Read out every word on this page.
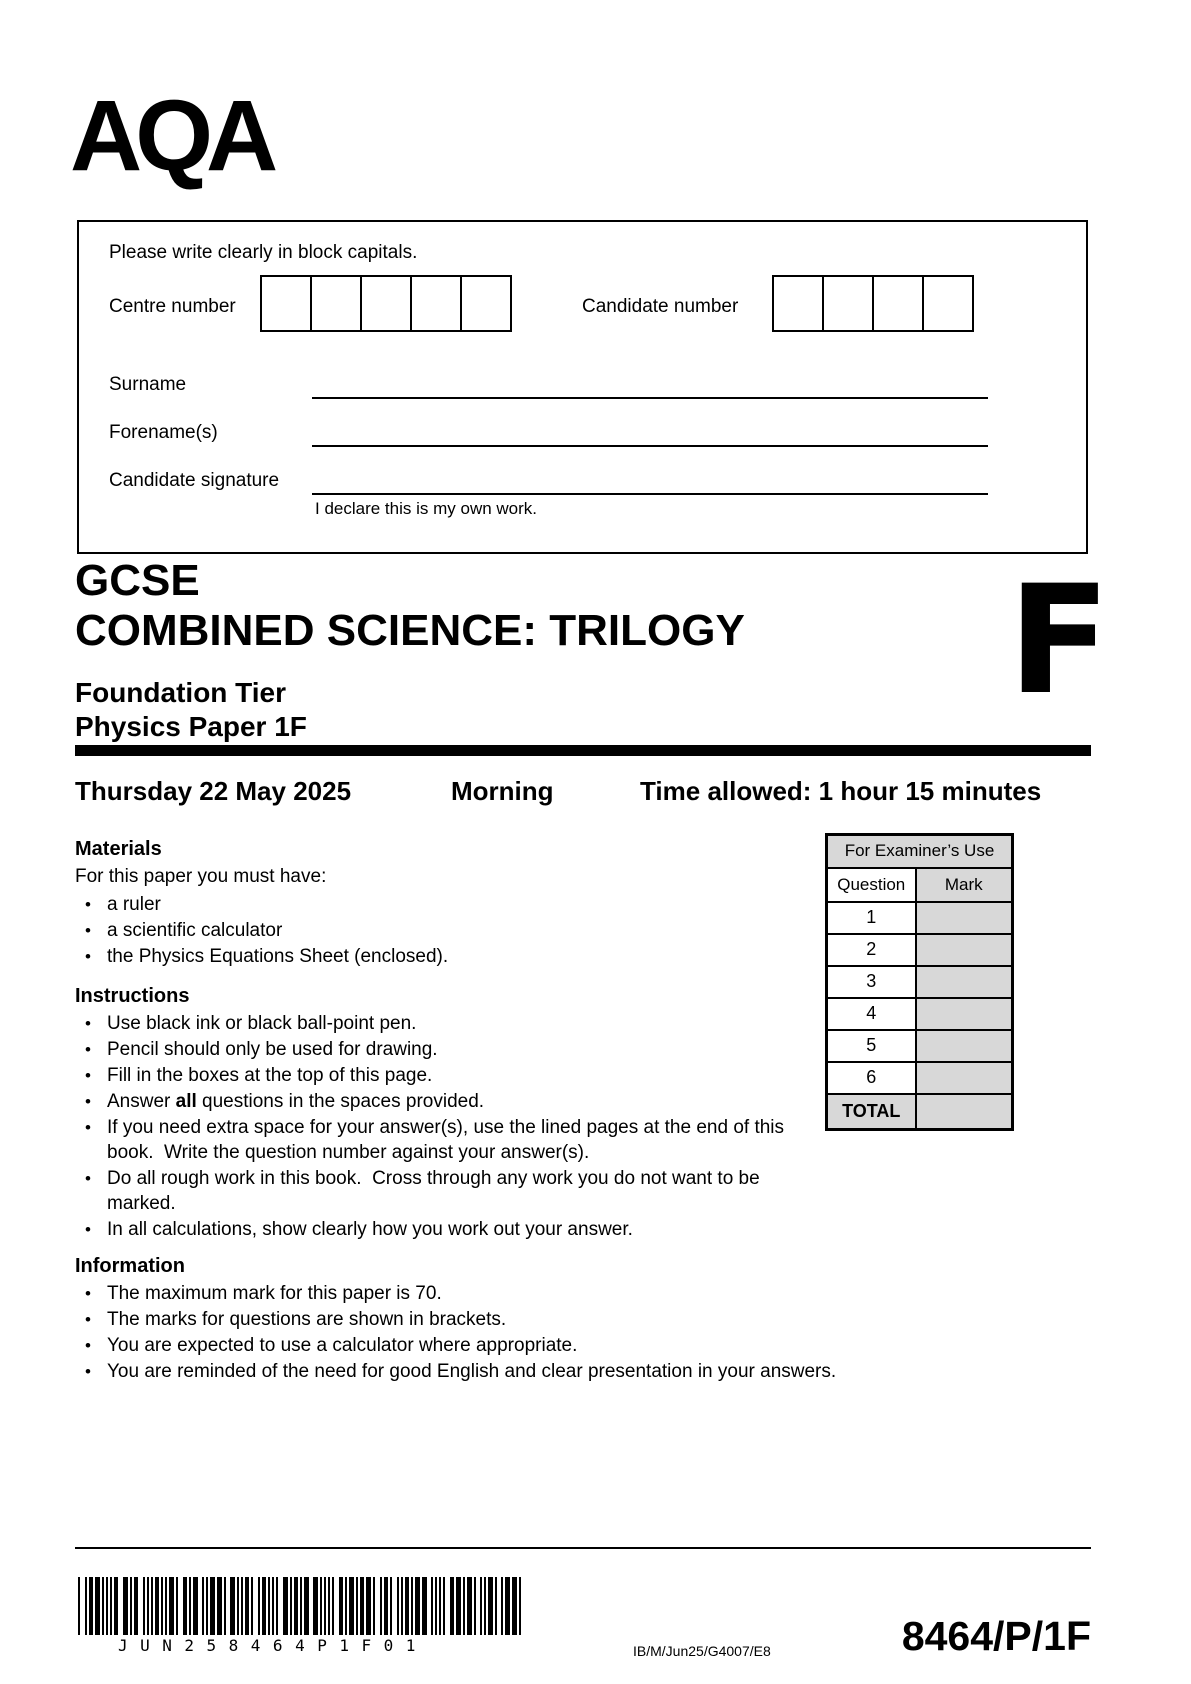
AQA
Please write clearly in block capitals.
Centre number	Candidate number
Surname
Forename(s)
Candidate signature
I declare this is my own work.
GCSE
COMBINED SCIENCE: TRILOGY
Foundation Tier
Physics Paper 1F	F
Thursday 22 May 2025	Morning	Time allowed: 1 hour 15 minutes
Materials
For this paper you must have:
• a ruler
• a scientific calculator
• the Physics Equations Sheet (enclosed).
Instructions
• Use black ink or black ball-point pen.
• Pencil should only be used for drawing.
• Fill in the boxes at the top of this page.
• Answer all questions in the spaces provided.
• If you need extra space for your answer(s), use the lined pages at the end of this book.  Write the question number against your answer(s).
• Do all rough work in this book.  Cross through any work you do not want to be marked.
• In all calculations, show clearly how you work out your answer.
Information
• The maximum mark for this paper is 70.
• The marks for questions are shown in brackets.
• You are expected to use a calculator where appropriate.
• You are reminded of the need for good English and clear presentation in your answers.
For Examiner’s Use	
Question	Mark
1	
2	
3	
4	
5	
6	
TOTAL	
JUN258464P1F01	IB/M/Jun25/G4007/E8	8464/P/1F
